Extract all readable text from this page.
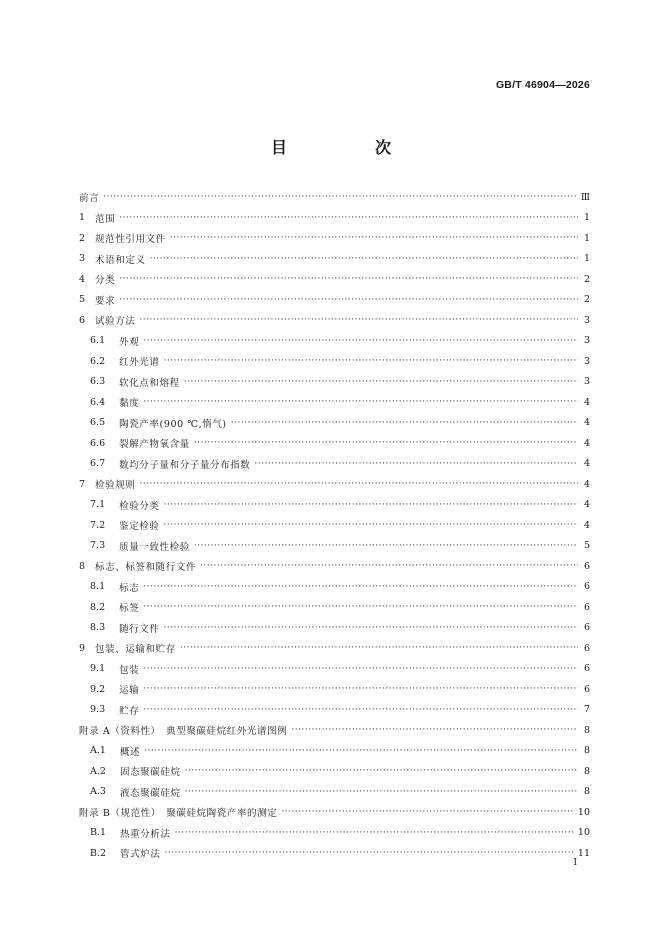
GB/T 46904—2026
目　次
前言 ·····	Ⅲ
1 范围 ·····	1
2 规范性引用文件 ·····	1
3 术语和定义 ·····	1
4 分类 ·····	2
5 要求 ·····	2
6 试验方法 ·····	3
6.1 外观 ·····	3
6.2 红外光谱 ·····	3
6.3 软化点和熔程 ·····	3
6.4 黏度 ·····	4
6.5 陶瓷产率(900 ℃,惰气) ·····	4
6.6 裂解产物氧含量 ·····	4
6.7 数均分子量和分子量分布指数 ·····	4
7 检验规则 ·····	4
7.1 检验分类 ·····	4
7.2 鉴定检验 ·····	4
7.3 质量一致性检验 ·····	5
8 标志、标签和随行文件 ·····	6
8.1 标志 ·····	6
8.2 标签 ·····	6
8.3 随行文件 ·····	6
9 包装、运输和贮存 ·····	6
9.1 包装 ·····	6
9.2 运输 ·····	6
9.3 贮存 ·····	7
附录 A（资料性）　典型聚碳硅烷红外光谱图例 ·····	8
A.1 概述 ·····	8
A.2 固态聚碳硅烷 ·····	8
A.3 液态聚碳硅烷 ·····	8
附录 B（规范性）　聚碳硅烷陶瓷产率的测定 ·····	10
B.1 热重分析法 ·····	10
B.2 管式炉法 ·····	11
I
